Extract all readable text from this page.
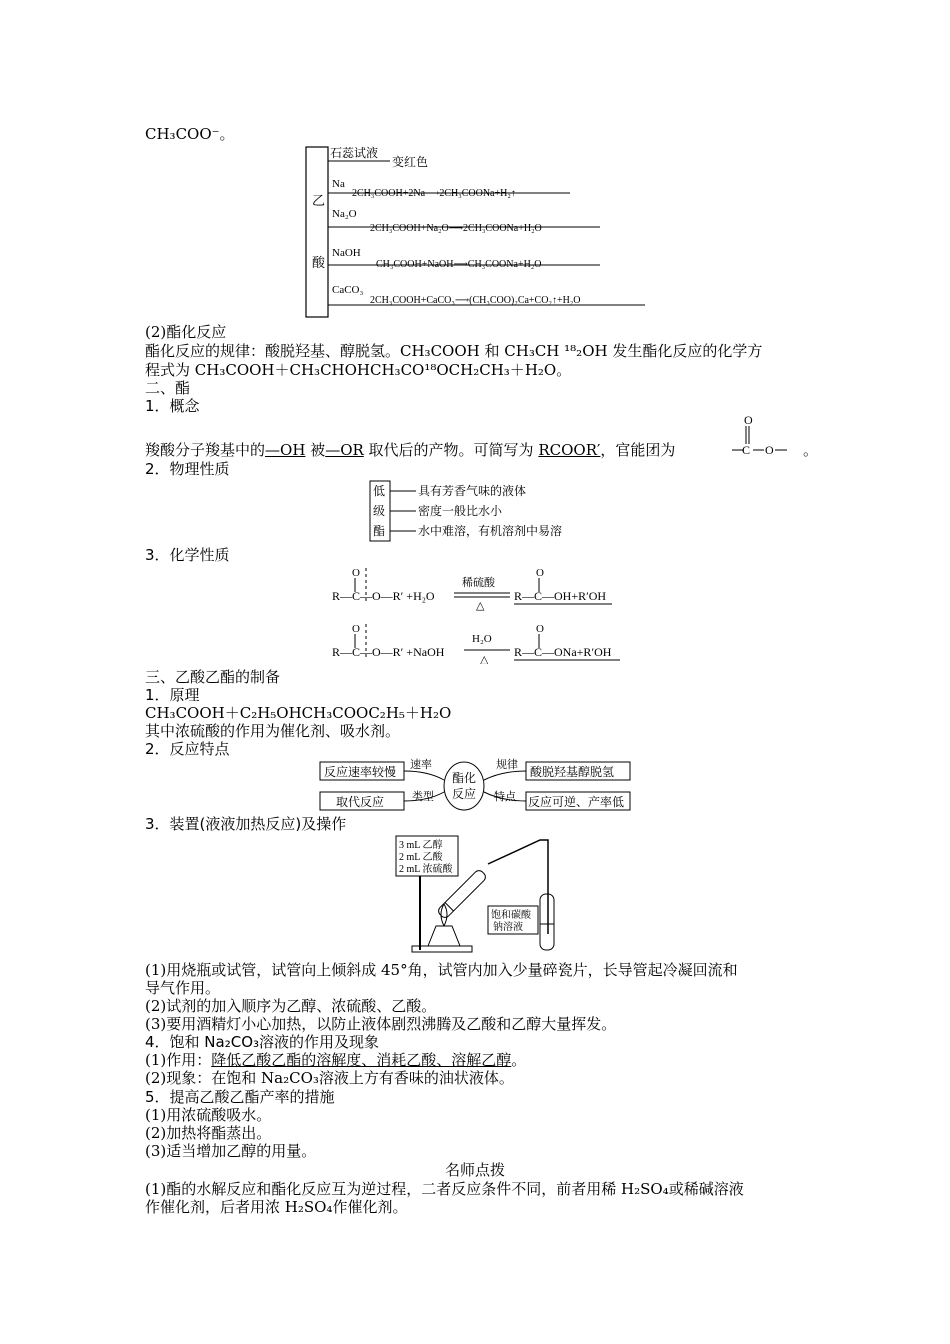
CH₃COO⁻。
乙
酸
石蕊试液
变红色
Na
2CH₃COOH+2Na⟶2CH₃COONa+H₂↑
Na₂O
2CH₃COOH+Na₂O⟶2CH₃COONa+H₂O
NaOH
CH₃COOH+NaOH⟶CH₃COONa+H₂O
CaCO₃
2CH₃COOH+CaCO₃⟶(CH₃COO)₂Ca+CO₂↑+H₂O
(2)酯化反应
酯化反应的规律：酸脱羟基、醇脱氢。CH₃COOH 和 CH₃CH ¹⁸₂OH 发生酯化反应的化学方
程式为 CH₃COOH＋CH₃CHOHCH₃CO¹⁸OCH₂CH₃＋H₂O。
二、酯
1．概念
羧酸分子羧基中的—OH 被—OR 取代后的产物。可简写为 RCOOR′，官能团为
O
C O 。
2．物理性质
低
级
酯
具有芳香气味的液体
密度一般比水小
水中难溶，有机溶剂中易溶
3．化学性质
O
R—C—O—R′ +H₂O
稀硫酸
△
O
R—C—OH+R′OH
O
R—C—O—R′ +NaOH
H₂O
△
O
R—C—ONa+R′OH
三、乙酸乙酯的制备
1．原理
CH₃COOH＋C₂H₅OHCH₃COOC₂H₅＋H₂O
其中浓硫酸的作用为催化剂、吸水剂。
2．反应特点
反应速率较慢
取代反应
酸脱羟基醇脱氢
反应可逆、产率低
酯化
反应
速率
类型
规律
特点
3．装置(液液加热反应)及操作
3 mL 乙醇
2 mL 乙酸
2 mL 浓硫酸
饱和碳酸
钠溶液
(1)用烧瓶或试管，试管向上倾斜成 45°角，试管内加入少量碎瓷片，长导管起冷凝回流和
导气作用。
(2)试剂的加入顺序为乙醇、浓硫酸、乙酸。
(3)要用酒精灯小心加热，以防止液体剧烈沸腾及乙酸和乙醇大量挥发。
4．饱和 Na₂CO₃溶液的作用及现象
(1)作用：降低乙酸乙酯的溶解度、消耗乙酸、溶解乙醇。
(2)现象：在饱和 Na₂CO₃溶液上方有香味的油状液体。
5．提高乙酸乙酯产率的措施
(1)用浓硫酸吸水。
(2)加热将酯蒸出。
(3)适当增加乙醇的用量。
名师点拨
(1)酯的水解反应和酯化反应互为逆过程，二者反应条件不同，前者用稀 H₂SO₄或稀碱溶液
作催化剂，后者用浓 H₂SO₄作催化剂。
